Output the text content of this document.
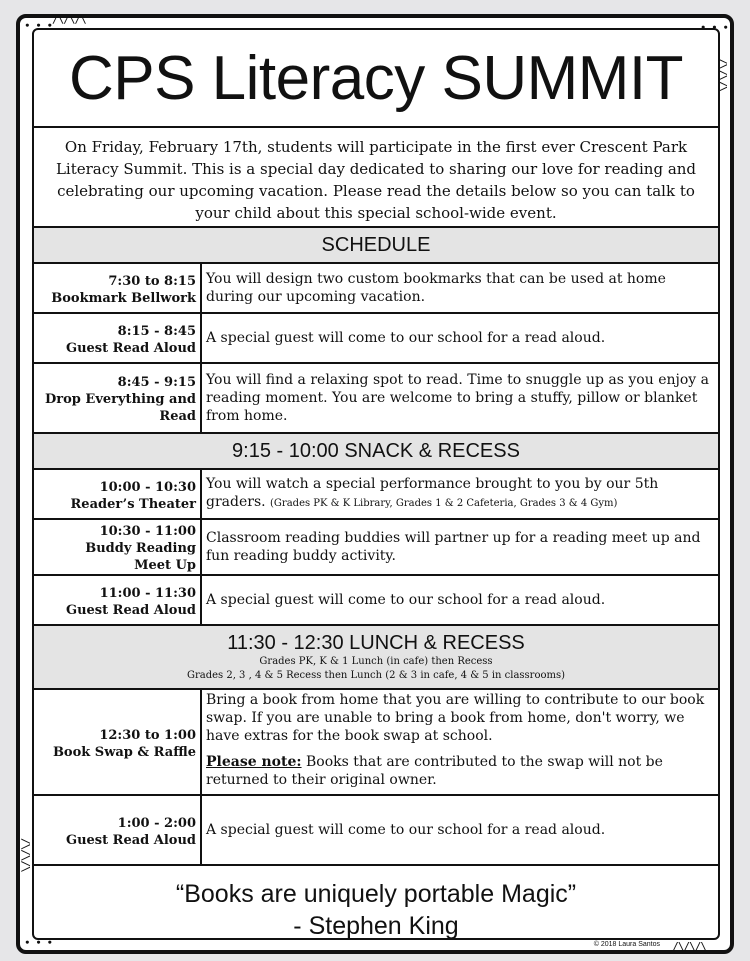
/\/\/\
/\/\/\
/\/\/\
/\/\/\
∙ ∙ ∙	∙ ∙ ∙
∙ ∙ ∙
CPS Literacy SUMMIT
On Friday, February 17th, students will participate in the first ever Crescent Park Literacy Summit. This is a special day dedicated to sharing our love for reading and celebrating our upcoming vacation. Please read the details below so you can talk to your child about this special school-wide event.
SCHEDULE
7:30 to 8:15
Bookmark Bellwork
You will design two custom bookmarks that can be used at home during our upcoming vacation.
8:15 - 8:45
Guest Read Aloud
A special guest will come to our school for a read aloud.
8:45 - 9:15
Drop Everything and Read
You will find a relaxing spot to read. Time to snuggle up as you enjoy a reading moment. You are welcome to bring a stuffy, pillow or blanket from home.
9:15 - 10:00 SNACK & RECESS
10:00 - 10:30
Reader’s Theater
You will watch a special performance brought to you by our 5th graders. (Grades PK & K Library, Grades 1 & 2 Cafeteria, Grades 3 & 4 Gym)
10:30 - 11:00
Buddy Reading Meet Up
Classroom reading buddies will partner up for a reading meet up and fun reading buddy activity.
11:00 - 11:30
Guest Read Aloud
A special guest will come to our school for a read aloud.
11:30 - 12:30 LUNCH & RECESS
Grades PK, K & 1 Lunch (in cafe) then Recess
Grades 2, 3 , 4 & 5 Recess then Lunch (2 & 3 in cafe, 4 & 5 in classrooms)
12:30 to 1:00
Book Swap & Raffle
Bring a book from home that you are willing to contribute to our book swap. If you are unable to bring a book from home, don't worry, we have extras for the book swap at school.
Please note: Books that are contributed to the swap will not be returned to their original owner.
1:00 - 2:00
Guest Read Aloud
A special guest will come to our school for a read aloud.
“Books are uniquely portable Magic”
- Stephen King
© 2018 Laura Santos
